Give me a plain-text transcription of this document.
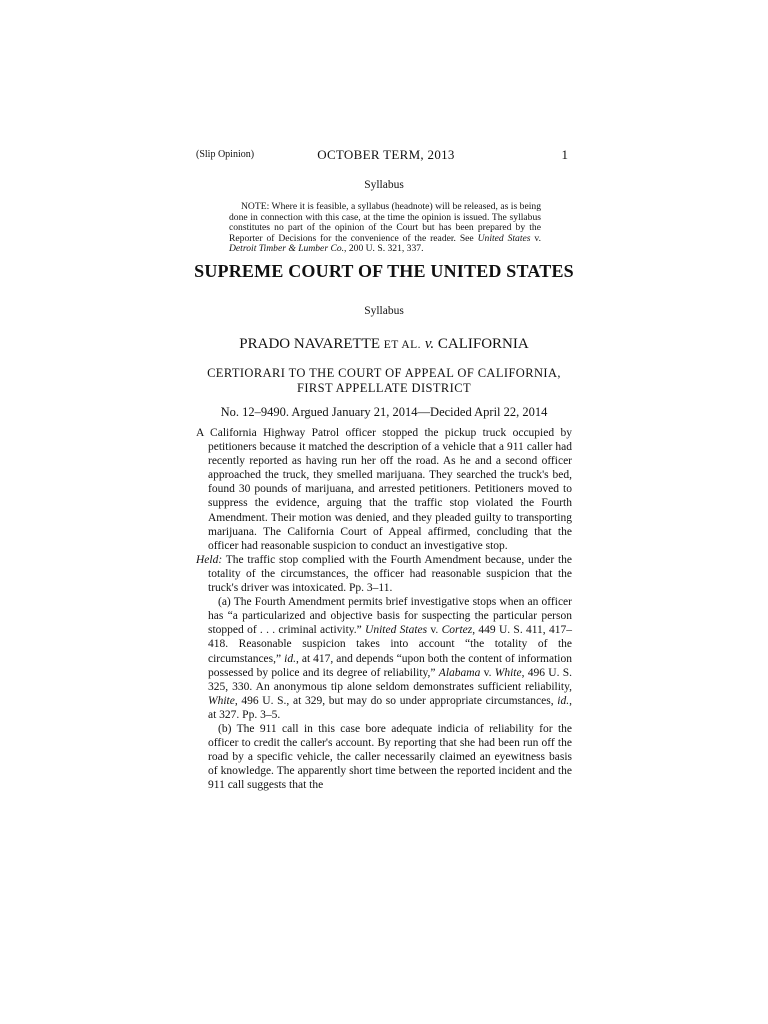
(Slip Opinion)	OCTOBER TERM, 2013	1
Syllabus
NOTE: Where it is feasible, a syllabus (headnote) will be released, as is being done in connection with this case, at the time the opinion is issued. The syllabus constitutes no part of the opinion of the Court but has been prepared by the Reporter of Decisions for the convenience of the reader. See United States v. Detroit Timber & Lumber Co., 200 U. S. 321, 337.
SUPREME COURT OF THE UNITED STATES
Syllabus
PRADO NAVARETTE ET AL. v. CALIFORNIA
CERTIORARI TO THE COURT OF APPEAL OF CALIFORNIA,
FIRST APPELLATE DISTRICT
No. 12–9490. Argued January 21, 2014—Decided April 22, 2014

A California Highway Patrol officer stopped the pickup truck occupied by petitioners because it matched the description of a vehicle that a 911 caller had recently reported as having run her off the road. As he and a second officer approached the truck, they smelled marijuana. They searched the truck's bed, found 30 pounds of marijuana, and arrested petitioners. Petitioners moved to suppress the evidence, arguing that the traffic stop violated the Fourth Amendment. Their motion was denied, and they pleaded guilty to transporting marijuana. The California Court of Appeal affirmed, concluding that the officer had reasonable suspicion to conduct an investigative stop.

Held: The traffic stop complied with the Fourth Amendment because, under the totality of the circumstances, the officer had reasonable suspicion that the truck's driver was intoxicated. Pp. 3–11.

(a) The Fourth Amendment permits brief investigative stops when an officer has “a particularized and objective basis for suspecting the particular person stopped of . . . criminal activity.” United States v. Cortez, 449 U. S. 411, 417–418. Reasonable suspicion takes into account “the totality of the circumstances,” id., at 417, and depends “upon both the content of information possessed by police and its degree of reliability,” Alabama v. White, 496 U. S. 325, 330. An anonymous tip alone seldom demonstrates sufficient reliability, White, 496 U. S., at 329, but may do so under appropriate circumstances, id., at 327. Pp. 3–5.

(b) The 911 call in this case bore adequate indicia of reliability for the officer to credit the caller's account. By reporting that she had been run off the road by a specific vehicle, the caller necessarily claimed an eyewitness basis of knowledge. The apparently short time between the reported incident and the 911 call suggests that the
